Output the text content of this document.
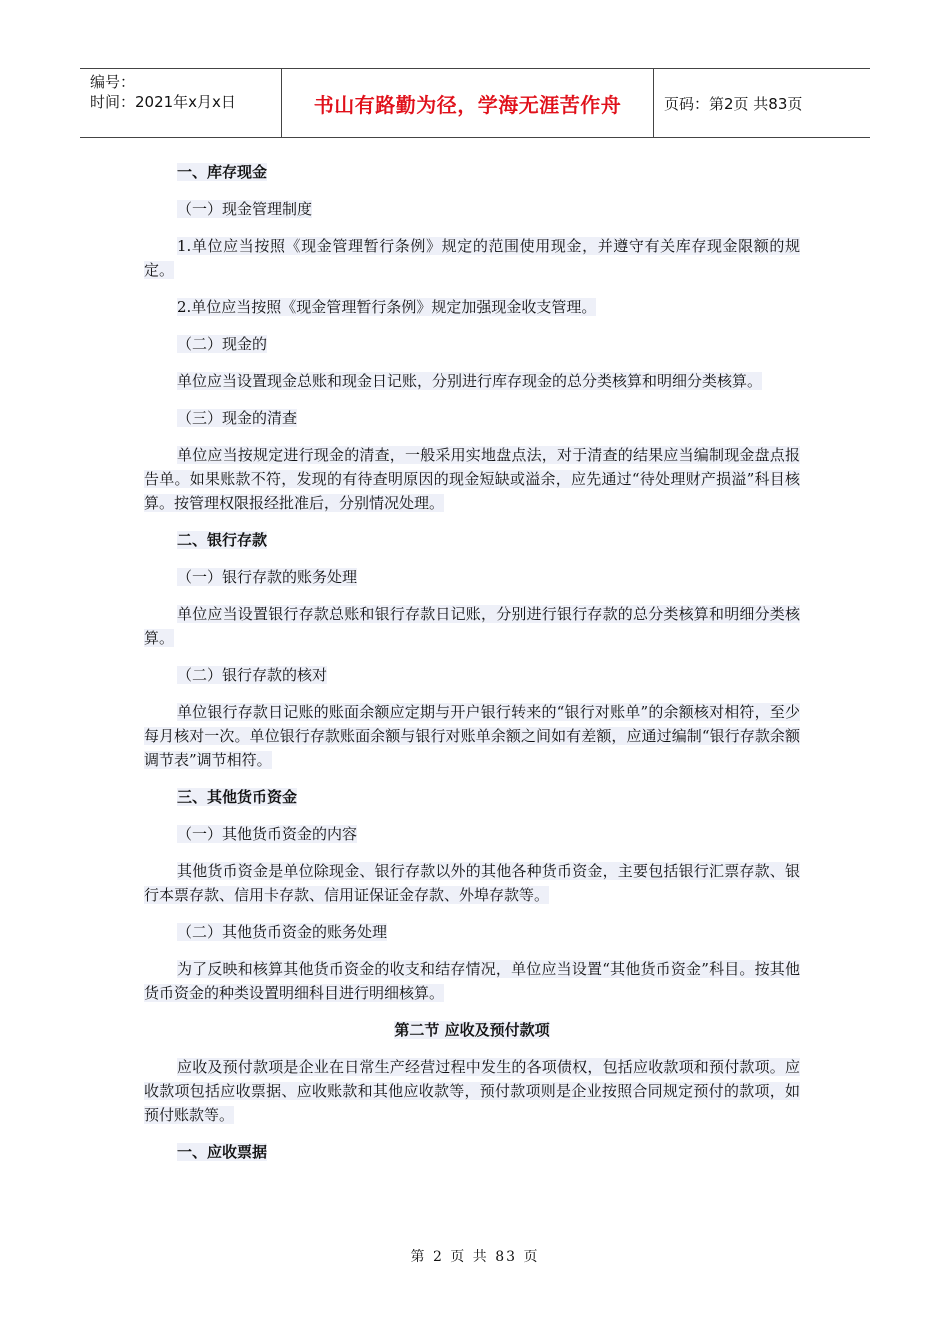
编号：
时间：2021年x月x日	书山有路勤为径，学海无涯苦作舟	页码：第2页 共83页

一、库存现金

（一）现金管理制度

1.单位应当按照《现金管理暂行条例》规定的范围使用现金，并遵守有关库存现金限额的规定。

2.单位应当按照《现金管理暂行条例》规定加强现金收支管理。

（二）现金的

单位应当设置现金总账和现金日记账，分别进行库存现金的总分类核算和明细分类核算。

（三）现金的清查

单位应当按规定进行现金的清查，一般采用实地盘点法，对于清查的结果应当编制现金盘点报告单。如果账款不符，发现的有待查明原因的现金短缺或溢余，应先通过“待处理财产损溢”科目核算。按管理权限报经批准后，分别情况处理。

二、银行存款

（一）银行存款的账务处理

单位应当设置银行存款总账和银行存款日记账，分别进行银行存款的总分类核算和明细分类核算。

（二）银行存款的核对

单位银行存款日记账的账面余额应定期与开户银行转来的“银行对账单”的余额核对相符，至少每月核对一次。单位银行存款账面余额与银行对账单余额之间如有差额，应通过编制“银行存款余额调节表”调节相符。

三、其他货币资金

（一）其他货币资金的内容

其他货币资金是单位除现金、银行存款以外的其他各种货币资金，主要包括银行汇票存款、银行本票存款、信用卡存款、信用证保证金存款、外埠存款等。

（二）其他货币资金的账务处理

为了反映和核算其他货币资金的收支和结存情况，单位应当设置“其他货币资金”科目。按其他货币资金的种类设置明细科目进行明细核算。

第二节 应收及预付款项

应收及预付款项是企业在日常生产经营过程中发生的各项债权，包括应收款项和预付款项。应收款项包括应收票据、应收账款和其他应收款等，预付款项则是企业按照合同规定预付的款项，如预付账款等。

一、应收票据

第 2 页 共 83 页
